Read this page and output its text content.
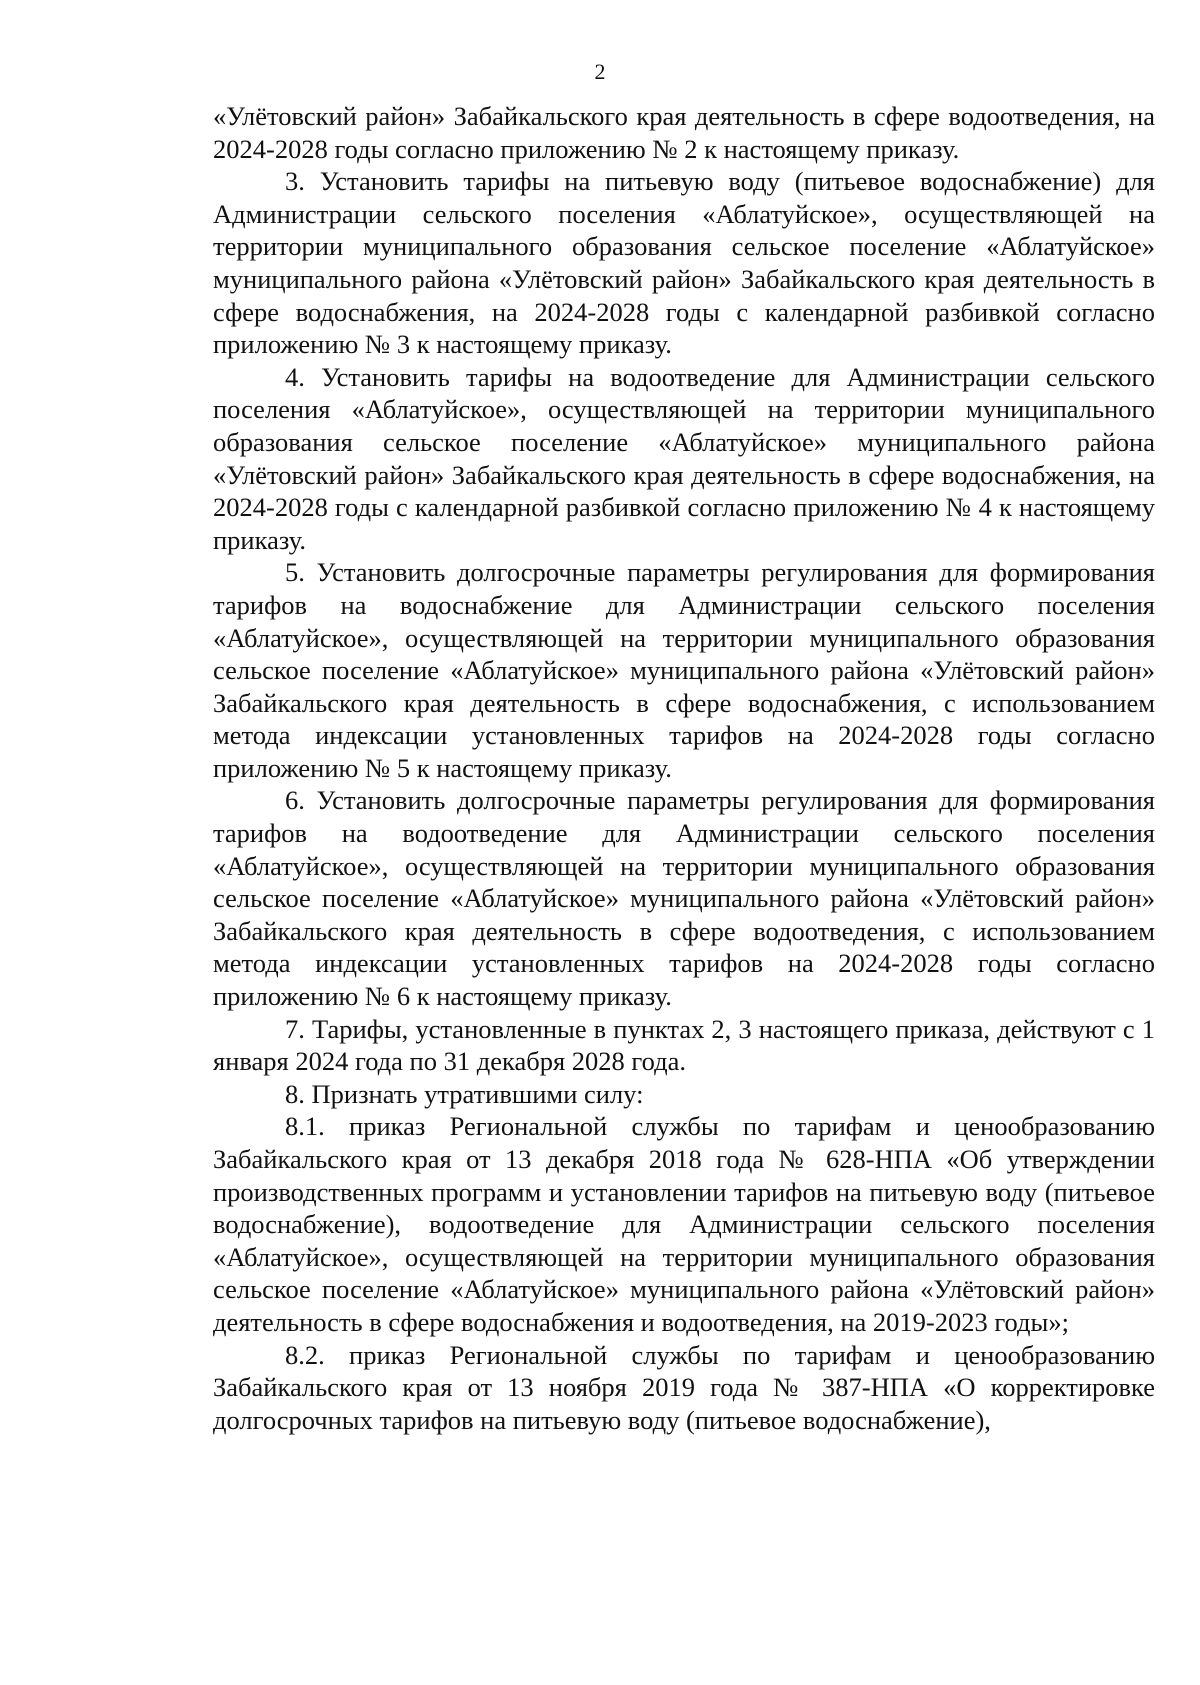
2

«Улётовский район» Забайкальского края деятельность в сфере водоотведения, на 2024-2028 годы согласно приложению № 2 к настоящему приказу.

3. Установить тарифы на питьевую воду (питьевое водоснабжение) для Администрации сельского поселения «Аблатуйское», осуществляющей на территории муниципального образования сельское поселение «Аблатуйское» муниципального района «Улётовский район» Забайкальского края деятельность в сфере водоснабжения, на 2024-2028 годы с календарной разбивкой согласно приложению № 3 к настоящему приказу.

4. Установить тарифы на водоотведение для Администрации сельского поселения «Аблатуйское», осуществляющей на территории муниципального образования сельское поселение «Аблатуйское» муниципального района «Улётовский район» Забайкальского края деятельность в сфере водоснабжения, на 2024-2028 годы с календарной разбивкой согласно приложению № 4 к настоящему приказу.

5. Установить долгосрочные параметры регулирования для формирования тарифов на водоснабжение для Администрации сельского поселения «Аблатуйское», осуществляющей на территории муниципального образования сельское поселение «Аблатуйское» муниципального района «Улётовский район» Забайкальского края деятельность в сфере водоснабжения, с использованием метода индексации установленных тарифов на 2024-2028 годы согласно приложению № 5 к настоящему приказу.

6. Установить долгосрочные параметры регулирования для формирования тарифов на водоотведение для Администрации сельского поселения «Аблатуйское», осуществляющей на территории муниципального образования сельское поселение «Аблатуйское» муниципального района «Улётовский район» Забайкальского края деятельность в сфере водоотведения, с использованием метода индексации установленных тарифов на 2024-2028 годы согласно приложению № 6 к настоящему приказу.

7. Тарифы, установленные в пунктах 2, 3 настоящего приказа, действуют с 1 января 2024 года по 31 декабря 2028 года.

8. Признать утратившими силу:

8.1. приказ Региональной службы по тарифам и ценообразованию Забайкальского края от 13 декабря 2018 года № 628-НПА «Об утверждении производственных программ и установлении тарифов на питьевую воду (питьевое водоснабжение), водоотведение для Администрации сельского поселения «Аблатуйское», осуществляющей на территории муниципального образования сельское поселение «Аблатуйское» муниципального района «Улётовский район» деятельность в сфере водоснабжения и водоотведения, на 2019-2023 годы»;

8.2. приказ Региональной службы по тарифам и ценообразованию Забайкальского края от 13 ноября 2019 года № 387-НПА «О корректировке долгосрочных тарифов на питьевую воду (питьевое водоснабжение),
